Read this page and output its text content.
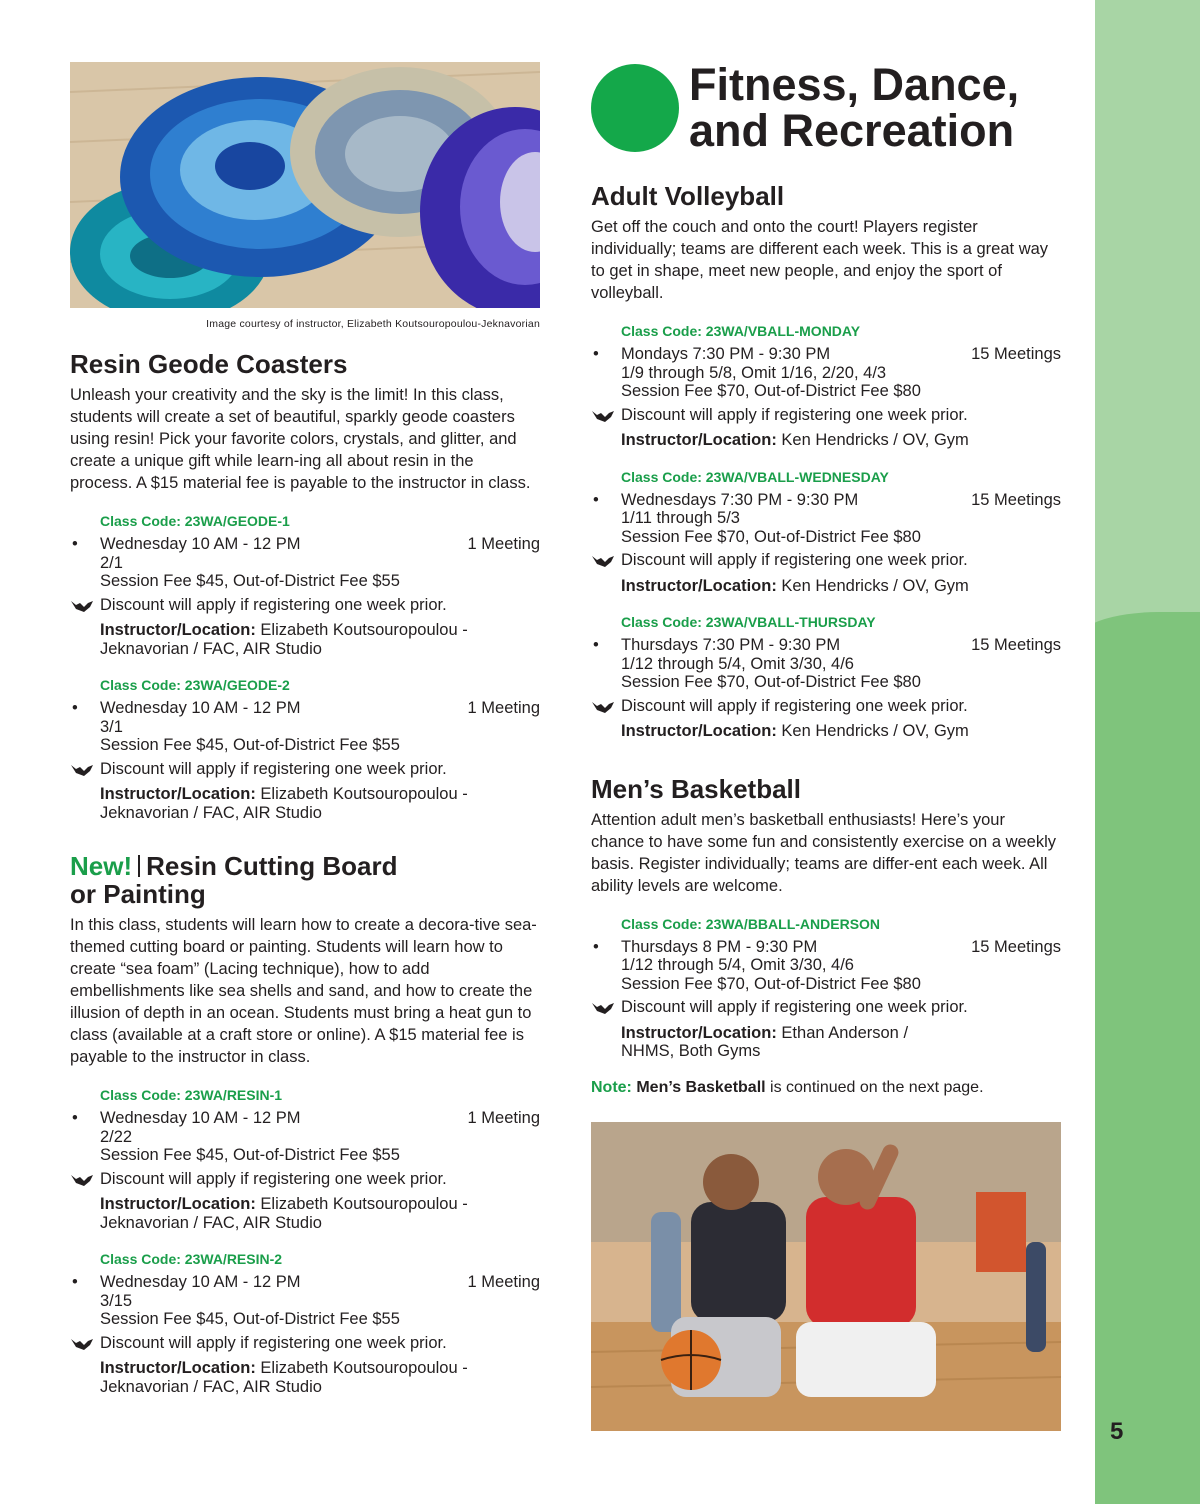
5
Image courtesy of instructor, Elizabeth Koutsouropoulou-Jeknavorian
Resin Geode Coasters

Unleash your creativity and the sky is the limit! In this class, students will create a set of beautiful, sparkly geode coasters using resin! Pick your favorite colors, crystals, and glitter, and create a unique gift while learn-ing all about resin in the process. A $15 material fee is payable to the instructor in class.

Class Code: 23WA/GEODE-1
• Wednesday 10 AM - 12 PM	1 Meeting
2/1
Session Fee $45, Out-of-District Fee $55
Discount will apply if registering one week prior.
Instructor/Location: Elizabeth Koutsouropoulou -
Jeknavorian / FAC, AIR Studio
Class Code: 23WA/GEODE-2
• Wednesday 10 AM - 12 PM	1 Meeting
3/1
Session Fee $45, Out-of-District Fee $55
Discount will apply if registering one week prior.
Instructor/Location: Elizabeth Koutsouropoulou -
Jeknavorian / FAC, AIR Studio
New! Resin Cutting Board
or Painting

In this class, students will learn how to create a decora-tive sea-themed cutting board or painting. Students will learn how to create “sea foam” (Lacing technique), how to add embellishments like sea shells and sand, and how to create the illusion of depth in an ocean. Students must bring a heat gun to class (available at a craft store or online). A $15 material fee is payable to the instructor in class.

Class Code: 23WA/RESIN-1
• Wednesday 10 AM - 12 PM	1 Meeting
2/22
Session Fee $45, Out-of-District Fee $55
Discount will apply if registering one week prior.
Instructor/Location: Elizabeth Koutsouropoulou -
Jeknavorian / FAC, AIR Studio
Class Code: 23WA/RESIN-2
• Wednesday 10 AM - 12 PM	1 Meeting
3/15
Session Fee $45, Out-of-District Fee $55
Discount will apply if registering one week prior.
Instructor/Location: Elizabeth Koutsouropoulou -
Jeknavorian / FAC, AIR Studio
Fitness, Dance,
and Recreation
Adult Volleyball

Get off the couch and onto the court! Players register individually; teams are different each week. This is a great way to get in shape, meet new people, and enjoy the sport of volleyball.

Class Code: 23WA/VBALL-MONDAY
• Mondays 7:30 PM - 9:30 PM	15 Meetings
1/9 through 5/8, Omit 1/16, 2/20, 4/3
Session Fee $70, Out-of-District Fee $80
Discount will apply if registering one week prior.
Instructor/Location: Ken Hendricks / OV, Gym
Class Code: 23WA/VBALL-WEDNESDAY
• Wednesdays 7:30 PM - 9:30 PM	15 Meetings
1/11 through 5/3
Session Fee $70, Out-of-District Fee $80
Discount will apply if registering one week prior.
Instructor/Location: Ken Hendricks / OV, Gym
Class Code: 23WA/VBALL-THURSDAY
• Thursdays 7:30 PM - 9:30 PM	15 Meetings
1/12 through 5/4, Omit 3/30, 4/6
Session Fee $70, Out-of-District Fee $80
Discount will apply if registering one week prior.
Instructor/Location: Ken Hendricks / OV, Gym
Men’s Basketball

Attention adult men’s basketball enthusiasts! Here’s your chance to have some fun and consistently exercise on a weekly basis. Register individually; teams are differ-ent each week. All ability levels are welcome.

Class Code: 23WA/BBALL-ANDERSON
• Thursdays 8 PM - 9:30 PM	15 Meetings
1/12 through 5/4, Omit 3/30, 4/6
Session Fee $70, Out-of-District Fee $80
Discount will apply if registering one week prior.
Instructor/Location: Ethan Anderson /
NHMS, Both Gyms
Note: Men’s Basketball is continued on the next page.
